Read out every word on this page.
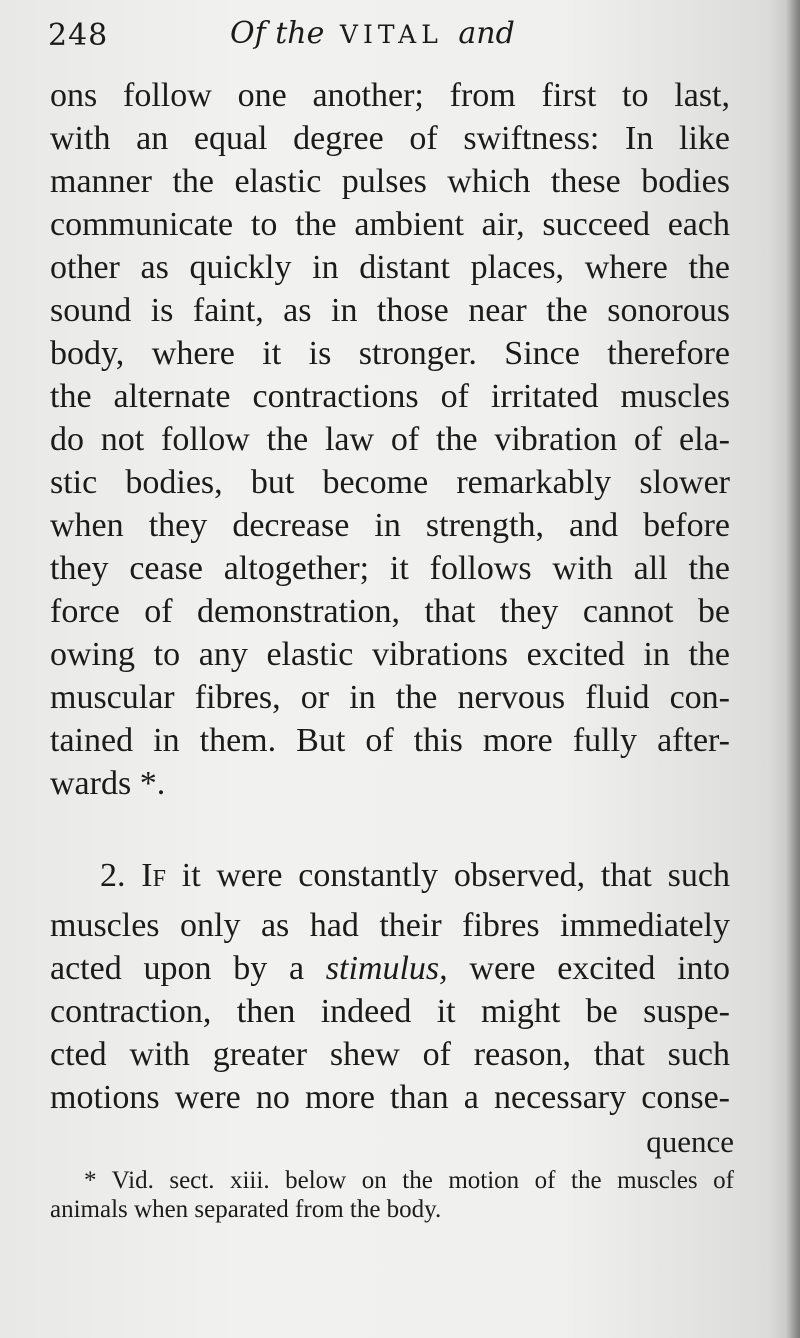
248	Of the VITAL and
ons follow one another; from first to last,
with an equal degree of swiftness: In like
manner the elastic pulses which these bodies
communicate to the ambient air, succeed each
other as quickly in distant places, where the
sound is faint, as in those near the sonorous
body, where it is stronger. Since therefore
the alternate contractions of irritated muscles
do not follow the law of the vibration of ela-
stic bodies, but become remarkably slower
when they decrease in strength, and before
they cease altogether; it follows with all the
force of demonstration, that they cannot be
owing to any elastic vibrations excited in the
muscular fibres, or in the nervous fluid con-
tained in them. But of this more fully after-
wards *.
2. If it were constantly observed, that such
muscles only as had their fibres immediately
acted upon by a stimulus, were excited into
contraction, then indeed it might be suspe-
cted with greater shew of reason, that such
motions were no more than a necessary conse-
quence
* Vid. sect. xiii. below on the motion of the muscles of
animals when separated from the body.
